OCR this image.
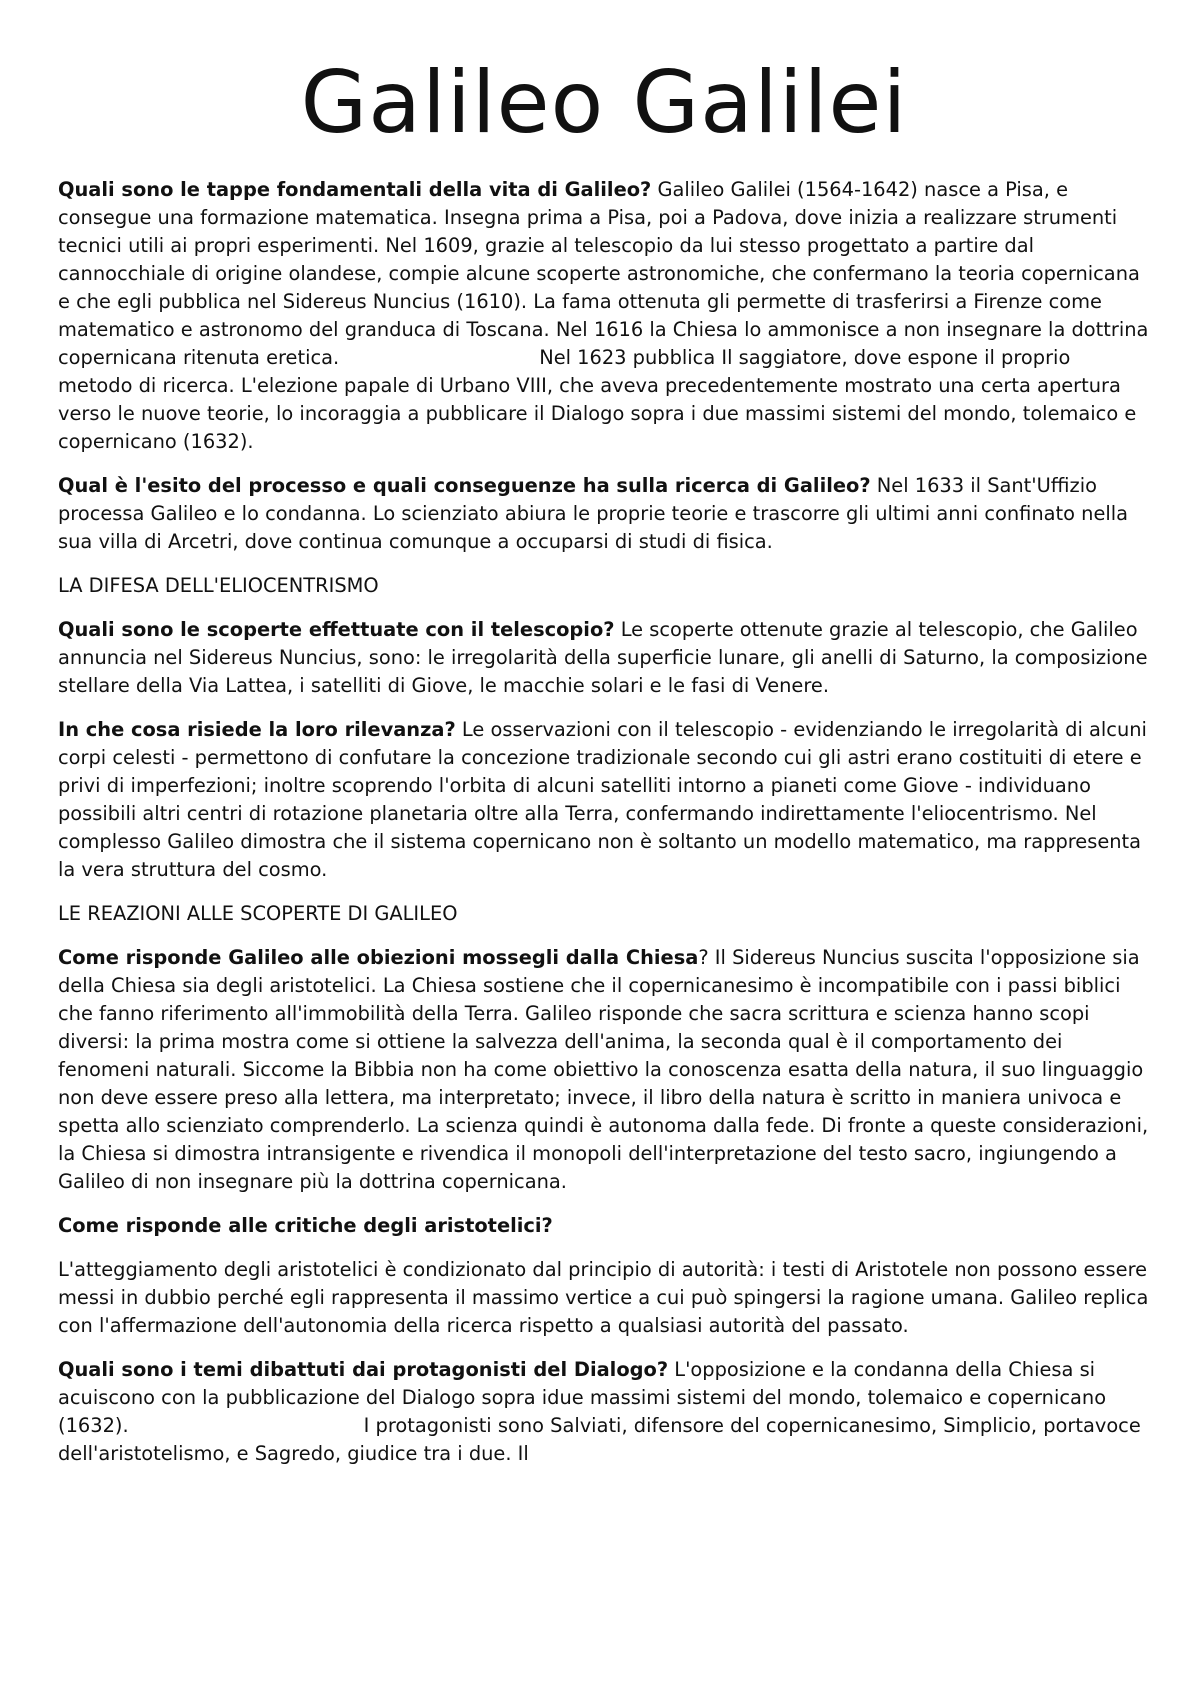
Galileo Galilei

Quali sono le tappe fondamentali della vita di Galileo? Galileo Galilei (1564-1642) nasce a Pisa, e consegue una formazione matematica. Insegna prima a Pisa, poi a Padova, dove inizia a realizzare strumenti tecnici utili ai propri esperimenti. Nel 1609, grazie al telescopio da lui stesso progettato a partire dal cannocchiale di origine olandese, compie alcune scoperte astronomiche, che confermano la teoria copernicana e che egli pubblica nel Sidereus Nuncius (1610). La fama ottenuta gli permette di trasferirsi a Firenze come matematico e astronomo del granduca di Toscana. Nel 1616 la Chiesa lo ammonisce a non insegnare la dottrina copernicana ritenuta eretica.	Nel 1623 pubblica Il saggiatore, dove espone il proprio metodo di ricerca. L'elezione papale di Urbano VIII, che aveva precedentemente mostrato una certa apertura verso le nuove teorie, lo incoraggia a pubblicare il Dialogo sopra i due massimi sistemi del mondo, tolemaico e copernicano (1632).

Qual è l'esito del processo e quali conseguenze ha sulla ricerca di Galileo? Nel 1633 il Sant'Uffizio processa Galileo e lo condanna. Lo scienziato abiura le proprie teorie e trascorre gli ultimi anni confinato nella sua villa di Arcetri, dove continua comunque a occuparsi di studi di fisica.

LA DIFESA DELL'ELIOCENTRISMO

Quali sono le scoperte effettuate con il telescopio? Le scoperte ottenute grazie al telescopio, che Galileo annuncia nel Sidereus Nuncius, sono: le irregolarità della superficie lunare, gli anelli di Saturno, la composizione stellare della Via Lattea, i satelliti di Giove, le macchie solari e le fasi di Venere.

In che cosa risiede la loro rilevanza? Le osservazioni con il telescopio - evidenziando le irregolarità di alcuni corpi celesti - permettono di confutare la concezione tradizionale secondo cui gli astri erano costituiti di etere e privi di imperfezioni; inoltre scoprendo l'orbita di alcuni satelliti intorno a pianeti come Giove - individuano possibili altri centri di rotazione planetaria oltre alla Terra, confermando indirettamente l'eliocentrismo. Nel complesso Galileo dimostra che il sistema copernicano non è soltanto un modello matematico, ma rappresenta la vera struttura del cosmo.

LE REAZIONI ALLE SCOPERTE DI GALILEO

Come risponde Galileo alle obiezioni mossegli dalla Chiesa? Il Sidereus Nuncius suscita l'opposizione sia della Chiesa sia degli aristotelici. La Chiesa sostiene che il copernicanesimo è incompatibile con i passi biblici che fanno riferimento all'immobilità della Terra. Galileo risponde che sacra scrittura e scienza hanno scopi diversi: la prima mostra come si ottiene la salvezza dell'anima, la seconda qual è il comportamento dei fenomeni naturali. Siccome la Bibbia non ha come obiettivo la conoscenza esatta della natura, il suo linguaggio non deve essere preso alla lettera, ma interpretato; invece, il libro della natura è scritto in maniera univoca e spetta allo scienziato comprenderlo. La scienza quindi è autonoma dalla fede. Di fronte a queste considerazioni, la Chiesa si dimostra intransigente e rivendica il monopoli dell'interpretazione del testo sacro, ingiungendo a Galileo di non insegnare più la dottrina copernicana.

Come risponde alle critiche degli aristotelici?

L'atteggiamento degli aristotelici è condizionato dal principio di autorità: i testi di Aristotele non possono essere messi in dubbio perché egli rappresenta il massimo vertice a cui può spingersi la ragione umana. Galileo replica con l'affermazione dell'autonomia della ricerca rispetto a qualsiasi autorità del passato.

Quali sono i temi dibattuti dai protagonisti del Dialogo? L'opposizione e la condanna della Chiesa si acuiscono con la pubblicazione del Dialogo sopra idue massimi sistemi del mondo, tolemaico e copernicano (1632).	I protagonisti sono Salviati, difensore del copernicanesimo, Simplicio, portavoce dell'aristotelismo, e Sagredo, giudice tra i due. Il
